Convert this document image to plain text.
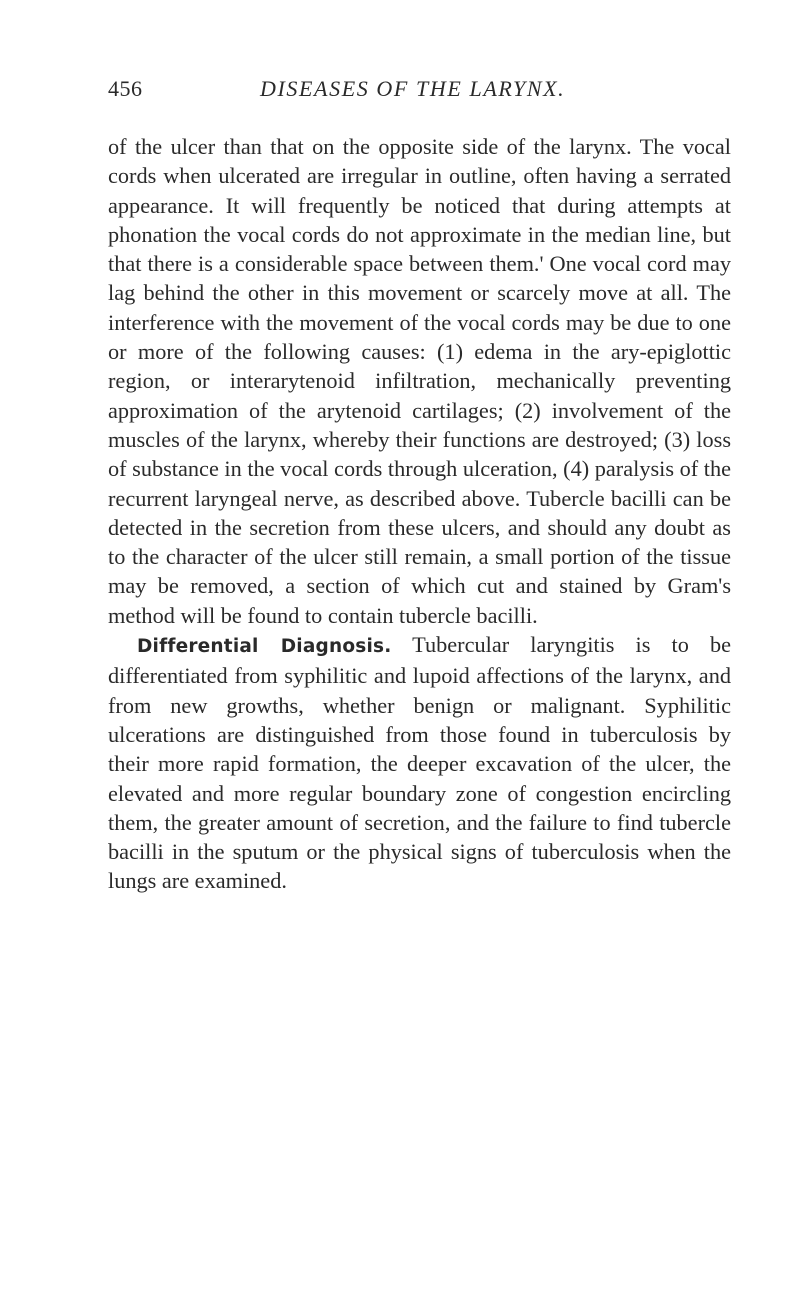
456	DISEASES OF THE LARYNX.

of the ulcer than that on the opposite side of the larynx. The vocal cords when ulcerated are irregular in outline, often having a serrated appearance. It will frequently be noticed that during attempts at phonation the vocal cords do not approximate in the median line, but that there is a considerable space between them.' One vocal cord may lag behind the other in this movement or scarcely move at all. The interference with the movement of the vocal cords may be due to one or more of the following causes: (1) edema in the ary-epiglottic region, or interarytenoid infiltration, mechanically preventing approximation of the arytenoid cartilages; (2) involvement of the muscles of the larynx, whereby their functions are destroyed; (3) loss of substance in the vocal cords through ulceration, (4) paralysis of the recurrent laryngeal nerve, as described above. Tubercle bacilli can be detected in the secretion from these ulcers, and should any doubt as to the character of the ulcer still remain, a small portion of the tissue may be removed, a section of which cut and stained by Gram's method will be found to contain tubercle bacilli.

Differential Diagnosis. Tubercular laryngitis is to be differentiated from syphilitic and lupoid affections of the larynx, and from new growths, whether benign or malignant. Syphilitic ulcerations are distinguished from those found in tuberculosis by their more rapid formation, the deeper excavation of the ulcer, the elevated and more regular boundary zone of congestion encircling them, the greater amount of secretion, and the failure to find tubercle bacilli in the sputum or the physical signs of tuberculosis when the lungs are examined.
